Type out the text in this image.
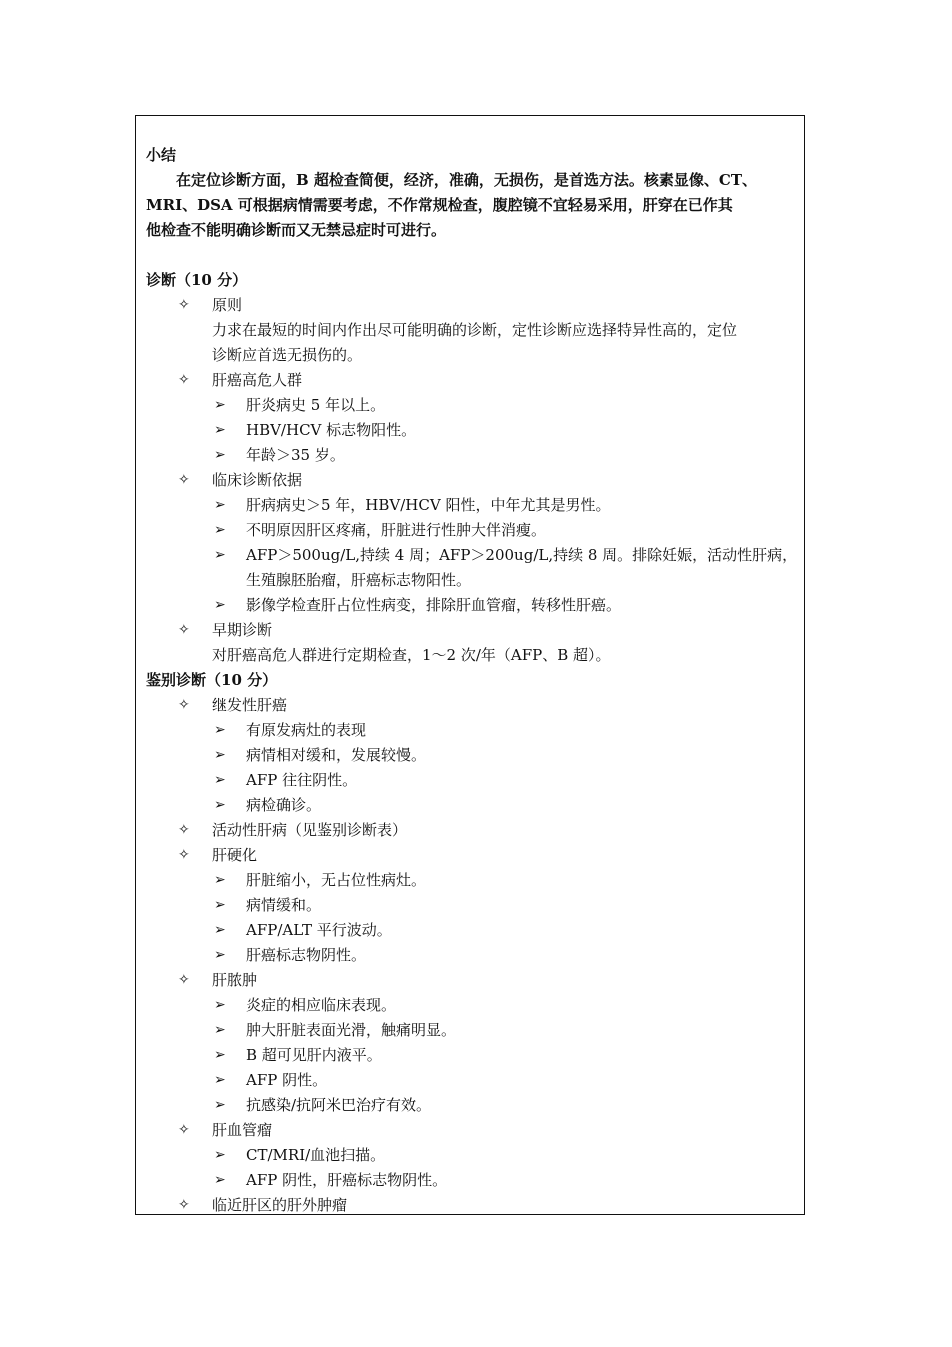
小结
在定位诊断方面，B 超检查简便，经济，准确，无损伤，是首选方法。核素显像、CT、
MRI、DSA 可根据病情需要考虑，不作常规检查，腹腔镜不宜轻易采用，肝穿在已作其
他检查不能明确诊断而又无禁忌症时可进行。
诊断（10 分）
✧ 原则
力求在最短的时间内作出尽可能明确的诊断，定性诊断应选择特异性高的，定位
诊断应首选无损伤的。
✧ 肝癌高危人群
➢ 肝炎病史 5 年以上。
➢ HBV/HCV 标志物阳性。
➢ 年龄＞35 岁。
✧ 临床诊断依据
➢ 肝病病史＞5 年，HBV/HCV 阳性，中年尤其是男性。
➢ 不明原因肝区疼痛，肝脏进行性肿大伴消瘦。
➢ AFP＞500ug/L,持续 4 周；AFP＞200ug/L,持续 8 周。排除妊娠，活动性肝病，
生殖腺胚胎瘤，肝癌标志物阳性。
➢ 影像学检查肝占位性病变，排除肝血管瘤，转移性肝癌。
✧ 早期诊断
对肝癌高危人群进行定期检查，1～2 次/年（AFP、B 超）。
鉴别诊断（10 分）
✧ 继发性肝癌
➢ 有原发病灶的表现
➢ 病情相对缓和，发展较慢。
➢ AFP 往往阴性。
➢ 病检确诊。
✧ 活动性肝病（见鉴别诊断表）
✧ 肝硬化
➢ 肝脏缩小，无占位性病灶。
➢ 病情缓和。
➢ AFP/ALT 平行波动。
➢ 肝癌标志物阴性。
✧ 肝脓肿
➢ 炎症的相应临床表现。
➢ 肿大肝脏表面光滑，触痛明显。
➢ B 超可见肝内液平。
➢ AFP 阴性。
➢ 抗感染/抗阿米巴治疗有效。
✧ 肝血管瘤
➢ CT/MRI/血池扫描。
➢ AFP 阴性，肝癌标志物阴性。
✧ 临近肝区的肝外肿瘤
